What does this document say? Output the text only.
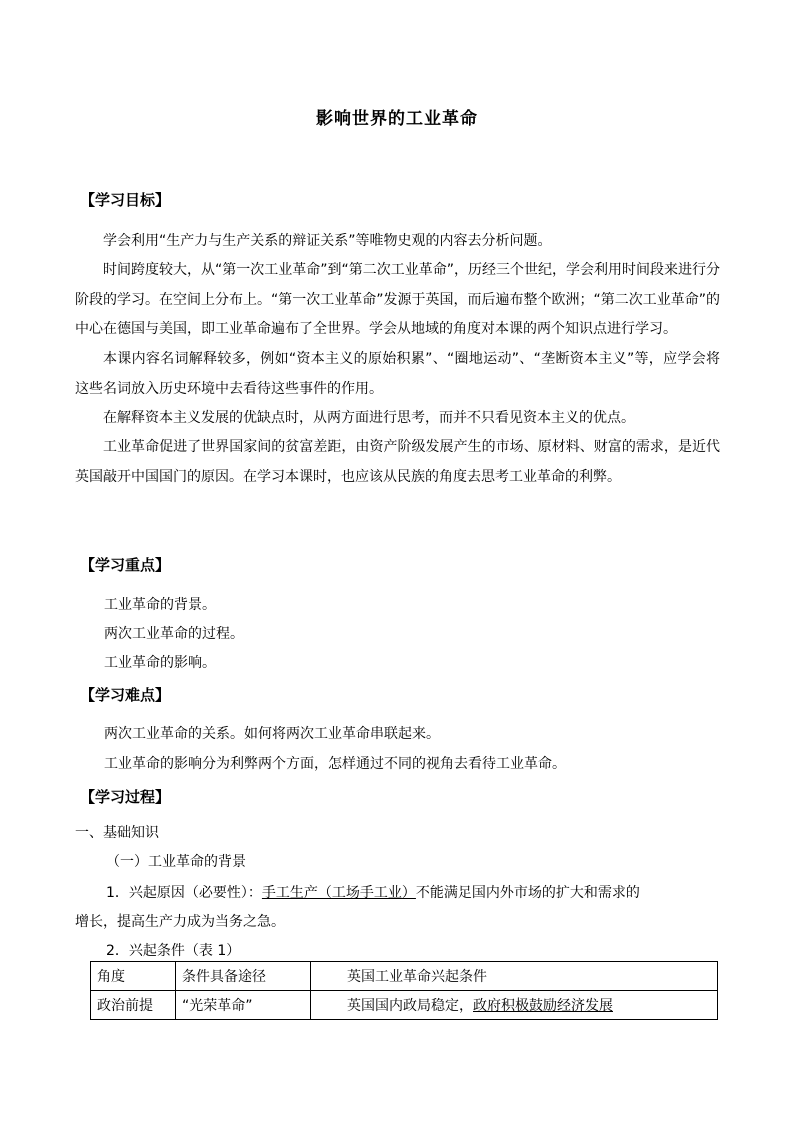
影响世界的工业革命
【学习目标】

学会利用“生产力与生产关系的辩证关系”等唯物史观的内容去分析问题。

时间跨度较大，从“第一次工业革命”到“第二次工业革命”，历经三个世纪，学会利用时间段来进行分阶段的学习。在空间上分布上。“第一次工业革命”发源于英国，而后遍布整个欧洲；“第二次工业革命”的中心在德国与美国，即工业革命遍布了全世界。学会从地域的角度对本课的两个知识点进行学习。

本课内容名词解释较多，例如“资本主义的原始积累”、“圈地运动”、“垄断资本主义”等，应学会将这些名词放入历史环境中去看待这些事件的作用。

在解释资本主义发展的优缺点时，从两方面进行思考，而并不只看见资本主义的优点。

工业革命促进了世界国家间的贫富差距，由资产阶级发展产生的市场、原材料、财富的需求，是近代英国敲开中国国门的原因。在学习本课时，也应该从民族的角度去思考工业革命的利弊。

【学习重点】
工业革命的背景。
两次工业革命的过程。
工业革命的影响。
【学习难点】
两次工业革命的关系。如何将两次工业革命串联起来。
工业革命的影响分为利弊两个方面，怎样通过不同的视角去看待工业革命。
【学习过程】
一、基础知识
（一）工业革命的背景
1．兴起原因（必要性）：手工生产（工场手工业）不能满足国内外市场的扩大和需求的
增长，提高生产力成为当务之急。
2．兴起条件（表 1）
角度	条件具备途径	英国工业革命兴起条件
政治前提	“光荣革命”	英国国内政局稳定，政府积极鼓励经济发展
